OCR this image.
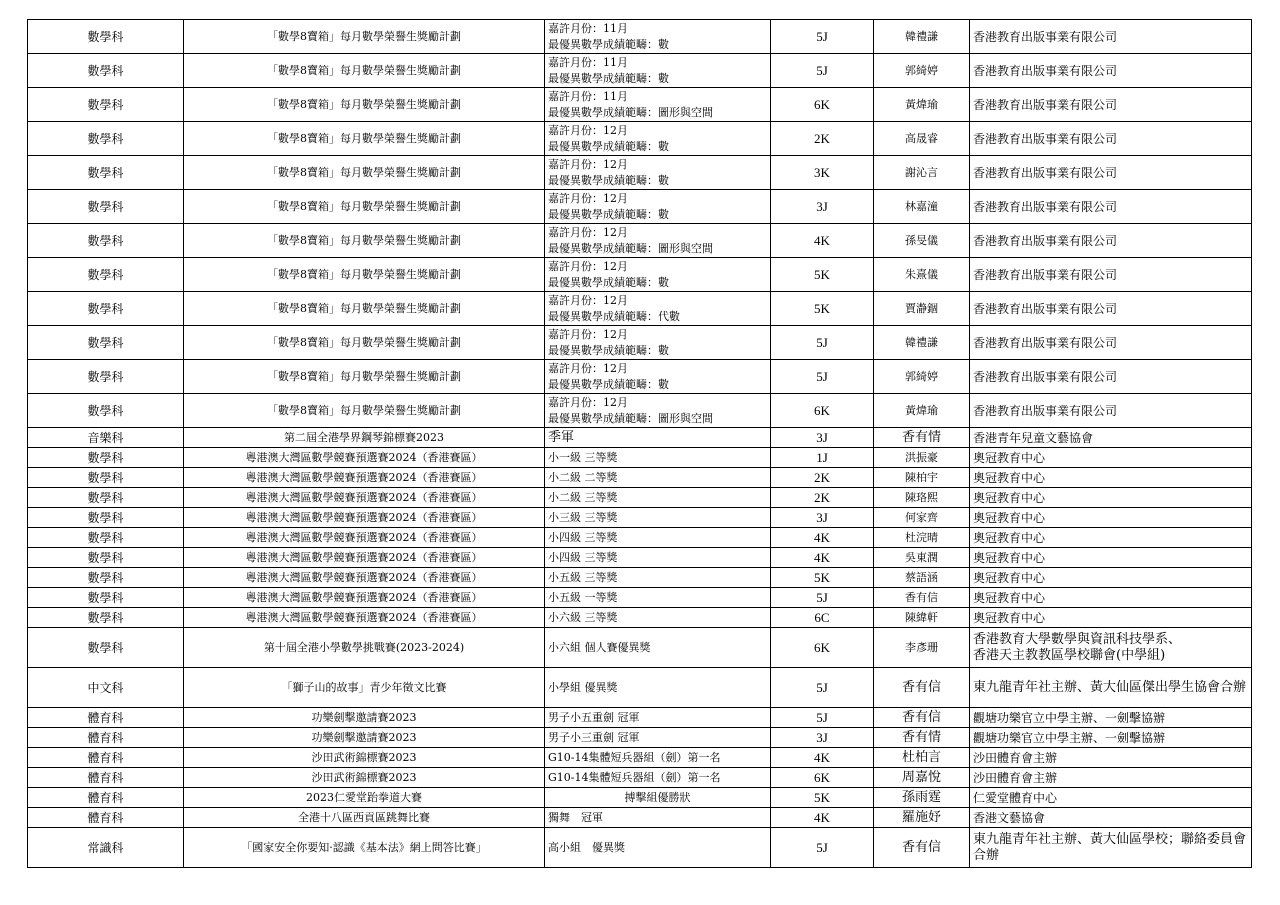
數學科	「數學8寶箱」每月數學榮譽生獎勵計劃	嘉許月份：11月
最優異數學成績範疇：數	5J	韓禮謙	香港教育出版事業有限公司
數學科	「數學8寶箱」每月數學榮譽生獎勵計劃	嘉許月份：11月
最優異數學成績範疇：數	5J	郭綺婷	香港教育出版事業有限公司
數學科	「數學8寶箱」每月數學榮譽生獎勵計劃	嘉許月份：11月
最優異數學成績範疇：圖形與空間	6K	黃煒瑜	香港教育出版事業有限公司
數學科	「數學8寶箱」每月數學榮譽生獎勵計劃	嘉許月份：12月
最優異數學成績範疇：數	2K	高晟睿	香港教育出版事業有限公司
數學科	「數學8寶箱」每月數學榮譽生獎勵計劃	嘉許月份：12月
最優異數學成績範疇：數	3K	謝沁言	香港教育出版事業有限公司
數學科	「數學8寶箱」每月數學榮譽生獎勵計劃	嘉許月份：12月
最優異數學成績範疇：數	3J	林嘉潼	香港教育出版事業有限公司
數學科	「數學8寶箱」每月數學榮譽生獎勵計劃	嘉許月份：12月
最優異數學成績範疇：圖形與空間	4K	孫旻儀	香港教育出版事業有限公司
數學科	「數學8寶箱」每月數學榮譽生獎勵計劃	嘉許月份：12月
最優異數學成績範疇：數	5K	朱熹儀	香港教育出版事業有限公司
數學科	「數學8寶箱」每月數學榮譽生獎勵計劃	嘉許月份：12月
最優異數學成績範疇：代數	5K	賈瀞錮	香港教育出版事業有限公司
數學科	「數學8寶箱」每月數學榮譽生獎勵計劃	嘉許月份：12月
最優異數學成績範疇：數	5J	韓禮謙	香港教育出版事業有限公司
數學科	「數學8寶箱」每月數學榮譽生獎勵計劃	嘉許月份：12月
最優異數學成績範疇：數	5J	郭綺婷	香港教育出版事業有限公司
數學科	「數學8寶箱」每月數學榮譽生獎勵計劃	嘉許月份：12月
最優異數學成績範疇：圖形與空間	6K	黃煒瑜	香港教育出版事業有限公司
音樂科	第二屆全港學界鋼琴錦標賽2023	季軍	3J	香有情	香港青年兒童文藝協會
數學科	粵港澳大灣區數學競賽預選賽2024（香港賽區）	小一級 三等獎	1J	洪振豪	奧冠教育中心
數學科	粵港澳大灣區數學競賽預選賽2024（香港賽區）	小二級 二等獎	2K	陳柏宇	奧冠教育中心
數學科	粵港澳大灣區數學競賽預選賽2024（香港賽區）	小二級 三等獎	2K	陳珞熙	奧冠教育中心
數學科	粵港澳大灣區數學競賽預選賽2024（香港賽區）	小三級 三等獎	3J	何家齊	奧冠教育中心
數學科	粵港澳大灣區數學競賽預選賽2024（香港賽區）	小四級 三等獎	4K	杜浣晴	奧冠教育中心
數學科	粵港澳大灣區數學競賽預選賽2024（香港賽區）	小四級 三等獎	4K	吳東潤	奧冠教育中心
數學科	粵港澳大灣區數學競賽預選賽2024（香港賽區）	小五級 三等獎	5K	蔡語涵	奧冠教育中心
數學科	粵港澳大灣區數學競賽預選賽2024（香港賽區）	小五級 一等獎	5J	香有信	奧冠教育中心
數學科	粵港澳大灣區數學競賽預選賽2024（香港賽區）	小六級 三等獎	6C	陳緯軒	奧冠教育中心
數學科	第十屆全港小學數學挑戰賽(2023-2024)	小六組 個人賽優異獎	6K	李彥珊	香港教育大學數學與資訊科技學系、
香港天主教教區學校聯會(中學組)
中文科	「獅子山的故事」青少年徵文比賽	小學組 優異獎	5J	香有信	東九龍青年社主辦、黃大仙區傑出學生協會合辦
體育科	功樂劍擊邀請賽2023	男子小五重劍 冠軍	5J	香有信	觀塘功樂官立中學主辦、一劍擊協辦
體育科	功樂劍擊邀請賽2023	男子小三重劍 冠軍	3J	香有情	觀塘功樂官立中學主辦、一劍擊協辦
體育科	沙田武術錦標賽2023	G10-14集體短兵器組（劍）第一名	4K	杜柏言	沙田體育會主辦
體育科	沙田武術錦標賽2023	G10-14集體短兵器組（劍）第一名	6K	周嘉悅	沙田體育會主辦
體育科	2023仁愛堂跆拳道大賽	搏擊組優勝狀	5K	孫雨霆	仁愛堂體育中心
體育科	全港十八區西貢區跳舞比賽	獨舞　冠軍	4K	羅施妤	香港文藝協會
常識科	「國家安全你要知·認識《基本法》網上問答比賽」	高小組　優異獎	5J	香有信	東九龍青年社主辦、黃大仙區學校；聯絡委員會合辦
